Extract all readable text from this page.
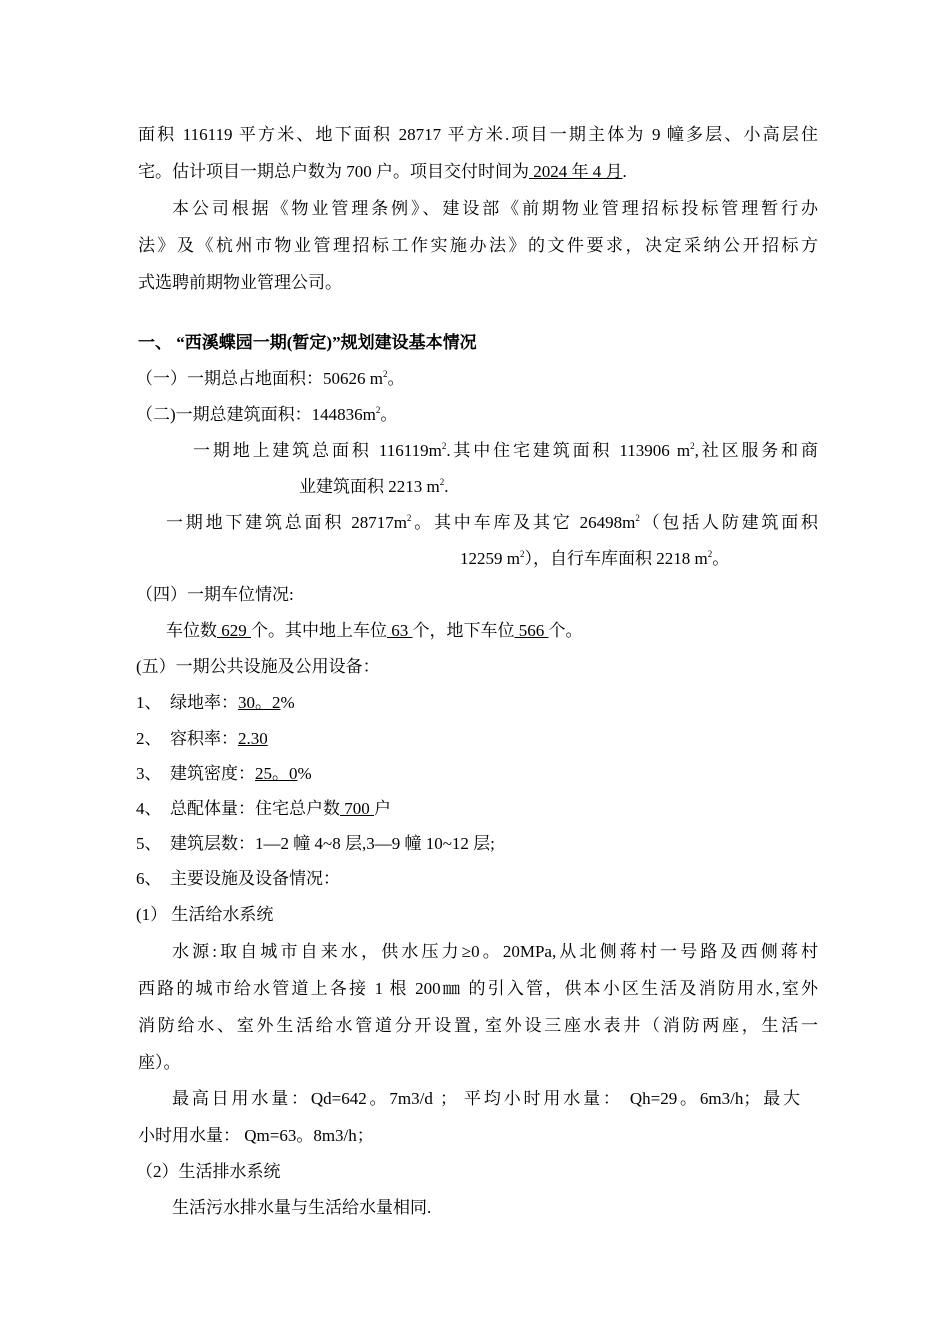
面积 116119 平方米、地下面积 28717 平方米.项目一期主体为 9 幢多层、小高层住
宅。估计项目一期总户数为 700 户。项目交付时间为 2024 年 4 月.
本公司根据《物业管理条例》、建设部《前期物业管理招标投标管理暂行办
法》及《杭州市物业管理招标工作实施办法》的文件要求，决定采纳公开招标方
式选聘前期物业管理公司。
一、 “西溪蝶园一期(暂定)”规划建设基本情况
（一）一期总占地面积：50626 $m^2$。
（二)一期总建筑面积：$144836m^2$。
一期地上建筑总面积 $116119m^2$.其中住宅建筑面积 113906 $m^2$,社区服务和商
业建筑面积 2213 $m^2$.
一期地下建筑总面积 $28717m^2$。其中车库及其它 $26498m^2$（包括人防建筑面积
12259 $m^2$），自行车库面积 2218 $m^2$。
（四）一期车位情况:
车位数 629 个。其中地上车位 63 个，地下车位 566 个。
(五）一期公共设施及公用设备：
1、 绿地率：30。2%
2、 容积率：2.30
3、 建筑密度：25。0%
4、 总配体量：住宅总户数 700 户
5、 建筑层数：1—2 幢 4~8 层,3—9 幢 10~12 层;
6、 主要设施及设备情况：
(1） 生活给水系统
水源:取自城市自来水，供水压力≥0。20MPa,从北侧蒋村一号路及西侧蒋村
西路的城市给水管道上各接 1 根 200㎜ 的引入管，供本小区生活及消防用水,室外
消防给水、室外生活给水管道分开设置, 室外设三座水表井（消防两座，生活一
座）。
最高日用水量：Qd=642。7m3/d ； 平均小时用水量： Qh=29。6m3/h；最大
小时用水量： Qm=63。8m3/h；
（2）生活排水系统
生活污水排水量与生活给水量相同.
